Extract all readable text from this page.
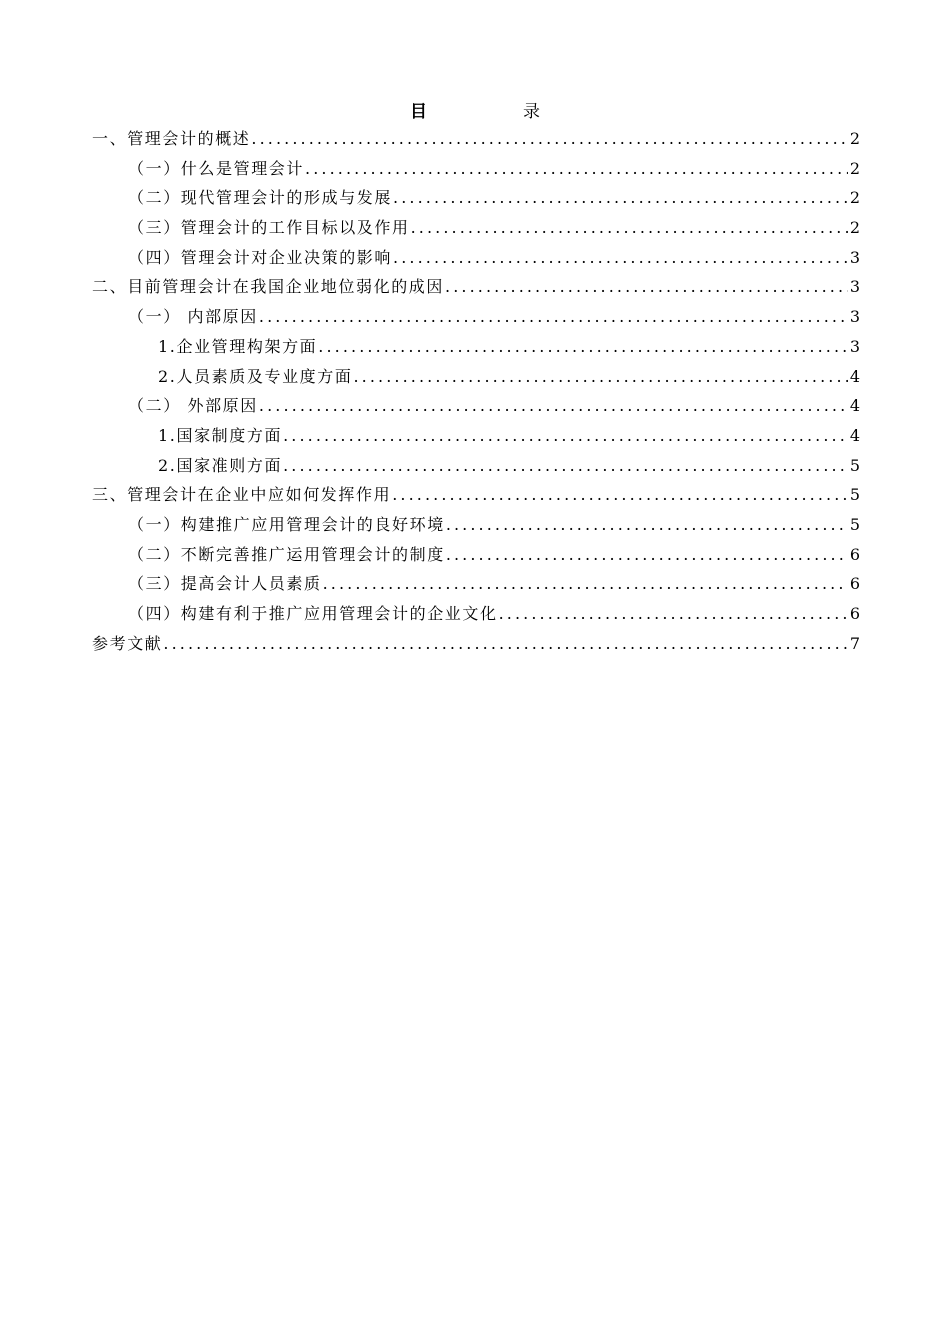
目	录
一、管理会计的概述 .....	2
（一）什么是管理会计 .....	2
（二）现代管理会计的形成与发展 .....	2
（三）管理会计的工作目标以及作用 .....	2
（四）管理会计对企业决策的影响 .....	3
二、目前管理会计在我国企业地位弱化的成因 .....	3
（一） 内部原因 .....	3
1.企业管理构架方面 .....	3
2.人员素质及专业度方面 .....	4
（二） 外部原因 .....	4
1.国家制度方面 .....	4
2.国家准则方面 .....	5
三、管理会计在企业中应如何发挥作用 .....	5
（一）构建推广应用管理会计的良好环境 .....	5
（二）不断完善推广运用管理会计的制度 .....	6
（三）提高会计人员素质 .....	6
（四）构建有利于推广应用管理会计的企业文化 .....	6
参考文献 .....	7
